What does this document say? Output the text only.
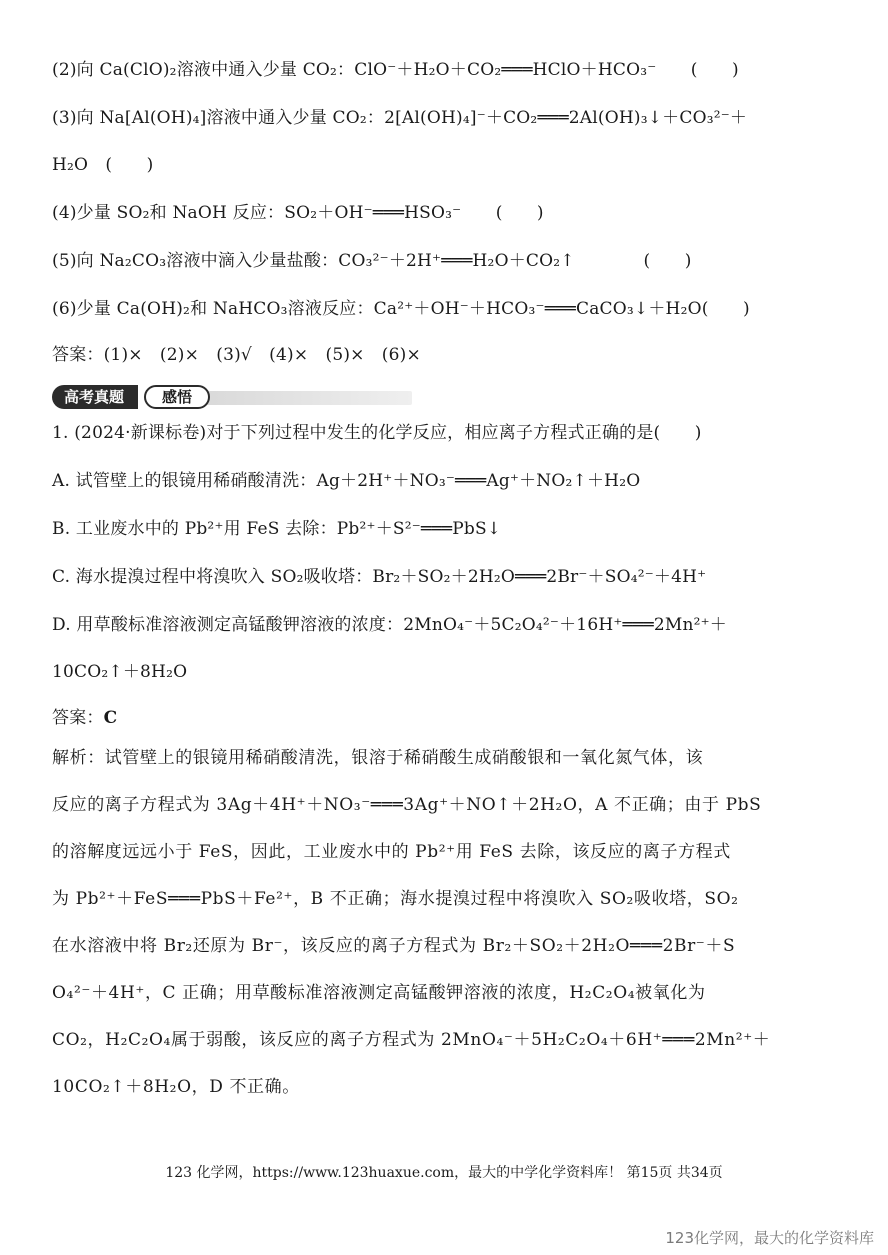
(2)向 Ca(ClO)₂溶液中通入少量 CO₂：ClO⁻＋H₂O＋CO₂═══HClO＋HCO₃⁻　　(　　)
(3)向 Na[Al(OH)₄]溶液中通入少量 CO₂：2[Al(OH)₄]⁻＋CO₂═══2Al(OH)₃↓＋CO₃²⁻＋
H₂O　(　　)
(4)少量 SO₂和 NaOH 反应：SO₂＋OH⁻═══HSO₃⁻　　(　　)
(5)向 Na₂CO₃溶液中滴入少量盐酸：CO₃²⁻＋2H⁺═══H₂O＋CO₂↑　　　　(　　)
(6)少量 Ca(OH)₂和 NaHCO₃溶液反应：Ca²⁺＋OH⁻＋HCO₃⁻═══CaCO₃↓＋H₂O(　　)
答案：(1)×　(2)×　(3)√　(4)×　(5)×　(6)×
高考真题	感悟
1. (2024·新课标卷)对于下列过程中发生的化学反应，相应离子方程式正确的是(　　)
A. 试管壁上的银镜用稀硝酸清洗：Ag＋2H⁺＋NO₃⁻═══Ag⁺＋NO₂↑＋H₂O
B. 工业废水中的 Pb²⁺用 FeS 去除：Pb²⁺＋S²⁻═══PbS↓
C. 海水提溴过程中将溴吹入 SO₂吸收塔：Br₂＋SO₂＋2H₂O═══2Br⁻＋SO₄²⁻＋4H⁺
D. 用草酸标准溶液测定高锰酸钾溶液的浓度：2MnO₄⁻＋5C₂O₄²⁻＋16H⁺═══2Mn²⁺＋
10CO₂↑＋8H₂O
答案：C
解析：试管壁上的银镜用稀硝酸清洗，银溶于稀硝酸生成硝酸银和一氧化氮气体，该
反应的离子方程式为 3Ag＋4H⁺＋NO₃⁻═══3Ag⁺＋NO↑＋2H₂O，A 不正确；由于 PbS
的溶解度远远小于 FeS，因此，工业废水中的 Pb²⁺用 FeS 去除，该反应的离子方程式
为 Pb²⁺＋FeS═══PbS＋Fe²⁺，B 不正确；海水提溴过程中将溴吹入 SO₂吸收塔，SO₂
在水溶液中将 Br₂还原为 Br⁻，该反应的离子方程式为 Br₂＋SO₂＋2H₂O═══2Br⁻＋S
O₄²⁻＋4H⁺，C 正确；用草酸标准溶液测定高锰酸钾溶液的浓度，H₂C₂O₄被氧化为
CO₂，H₂C₂O₄属于弱酸，该反应的离子方程式为 2MnO₄⁻＋5H₂C₂O₄＋6H⁺═══2Mn²⁺＋
10CO₂↑＋8H₂O，D 不正确。
123 化学网，https://www.123huaxue.com，最大的中学化学资料库！ 第15页 共34页
123化学网，最大的化学资料库
